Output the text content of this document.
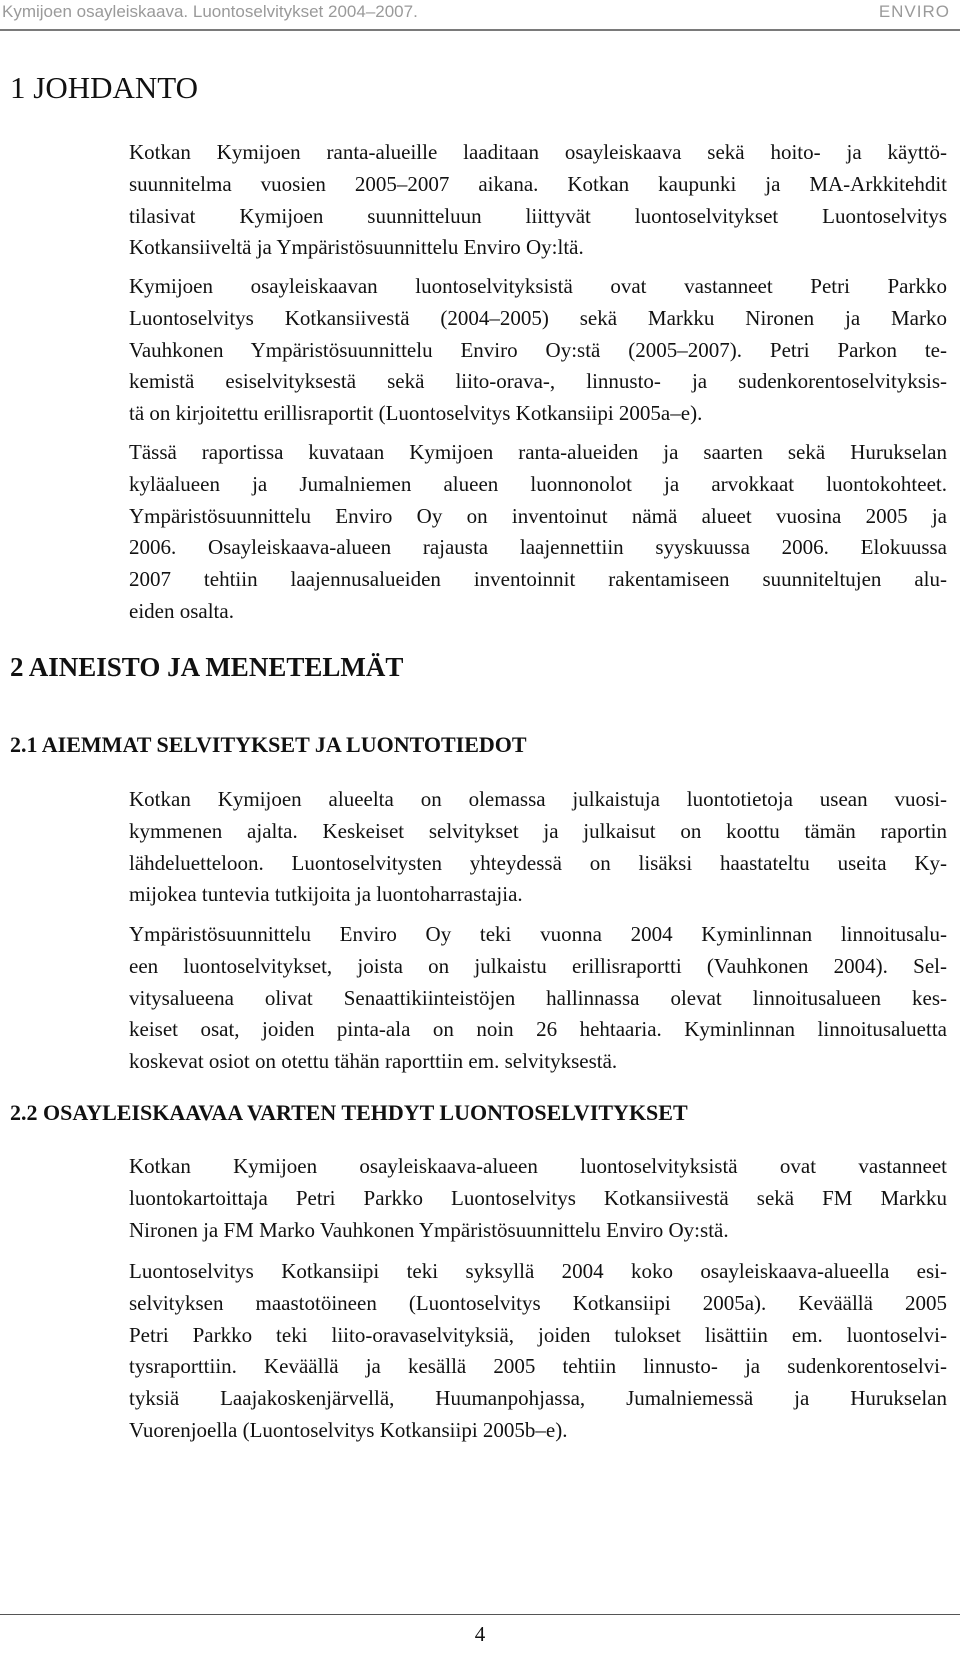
Kymijoen osayleiskaava. Luontoselvitykset 2004–2007.	ENVIRO
1 JOHDANTO
Kotkan Kymijoen ranta-alueille laaditaan osayleiskaava sekä hoito- ja käyttö-
suunnitelma vuosien 2005–2007 aikana. Kotkan kaupunki ja MA-Arkkitehdit
tilasivat Kymijoen suunnitteluun liittyvät luontoselvitykset Luontoselvitys
Kotkansiiveltä ja Ympäristösuunnittelu Enviro Oy:ltä.
Kymijoen osayleiskaavan luontoselvityksistä ovat vastanneet Petri Parkko
Luontoselvitys Kotkansiivestä (2004–2005) sekä Markku Nironen ja Marko
Vauhkonen Ympäristösuunnittelu Enviro Oy:stä (2005–2007). Petri Parkon te-
kemistä esiselvityksestä sekä liito-orava-, linnusto- ja sudenkorentoselvityksis-
tä on kirjoitettu erillisraportit (Luontoselvitys Kotkansiipi 2005a–e).
Tässä raportissa kuvataan Kymijoen ranta-alueiden ja saarten sekä Hurukselan
kyläalueen ja Jumalniemen alueen luonnonolot ja arvokkaat luontokohteet.
Ympäristösuunnittelu Enviro Oy on inventoinut nämä alueet vuosina 2005 ja
2006. Osayleiskaava-alueen rajausta laajennettiin syyskuussa 2006. Elokuussa
2007 tehtiin laajennusalueiden inventoinnit rakentamiseen suunniteltujen alu-
eiden osalta.
2 AINEISTO JA MENETELMÄT
2.1 AIEMMAT SELVITYKSET JA LUONTOTIEDOT
Kotkan Kymijoen alueelta on olemassa julkaistuja luontotietoja usean vuosi-
kymmenen ajalta. Keskeiset selvitykset ja julkaisut on koottu tämän raportin
lähdeluetteloon. Luontoselvitysten yhteydessä on lisäksi haastateltu useita Ky-
mijokea tuntevia tutkijoita ja luontoharrastajia.
Ympäristösuunnittelu Enviro Oy teki vuonna 2004 Kyminlinnan linnoitusalu-
een luontoselvitykset, joista on julkaistu erillisraportti (Vauhkonen 2004). Sel-
vitysalueena olivat Senaattikiinteistöjen hallinnassa olevat linnoitusalueen kes-
keiset osat, joiden pinta-ala on noin 26 hehtaaria. Kyminlinnan linnoitusaluetta
koskevat osiot on otettu tähän raporttiin em. selvityksestä.
2.2 OSAYLEISKAAVAA VARTEN TEHDYT LUONTOSELVITYKSET
Kotkan Kymijoen osayleiskaava-alueen luontoselvityksistä ovat vastanneet
luontokartoittaja Petri Parkko Luontoselvitys Kotkansiivestä sekä FM Markku
Nironen ja FM Marko Vauhkonen Ympäristösuunnittelu Enviro Oy:stä.
Luontoselvitys Kotkansiipi teki syksyllä 2004 koko osayleiskaava-alueella esi-
selvityksen maastotöineen (Luontoselvitys Kotkansiipi 2005a). Keväällä 2005
Petri Parkko teki liito-oravaselvityksiä, joiden tulokset lisättiin em. luontoselvi-
tysraporttiin. Keväällä ja kesällä 2005 tehtiin linnusto- ja sudenkorentoselvi-
tyksiä Laajakoskenjärvellä, Huumanpohjassa, Jumalniemessä ja Hurukselan
Vuorenjoella (Luontoselvitys Kotkansiipi 2005b–e).
4
